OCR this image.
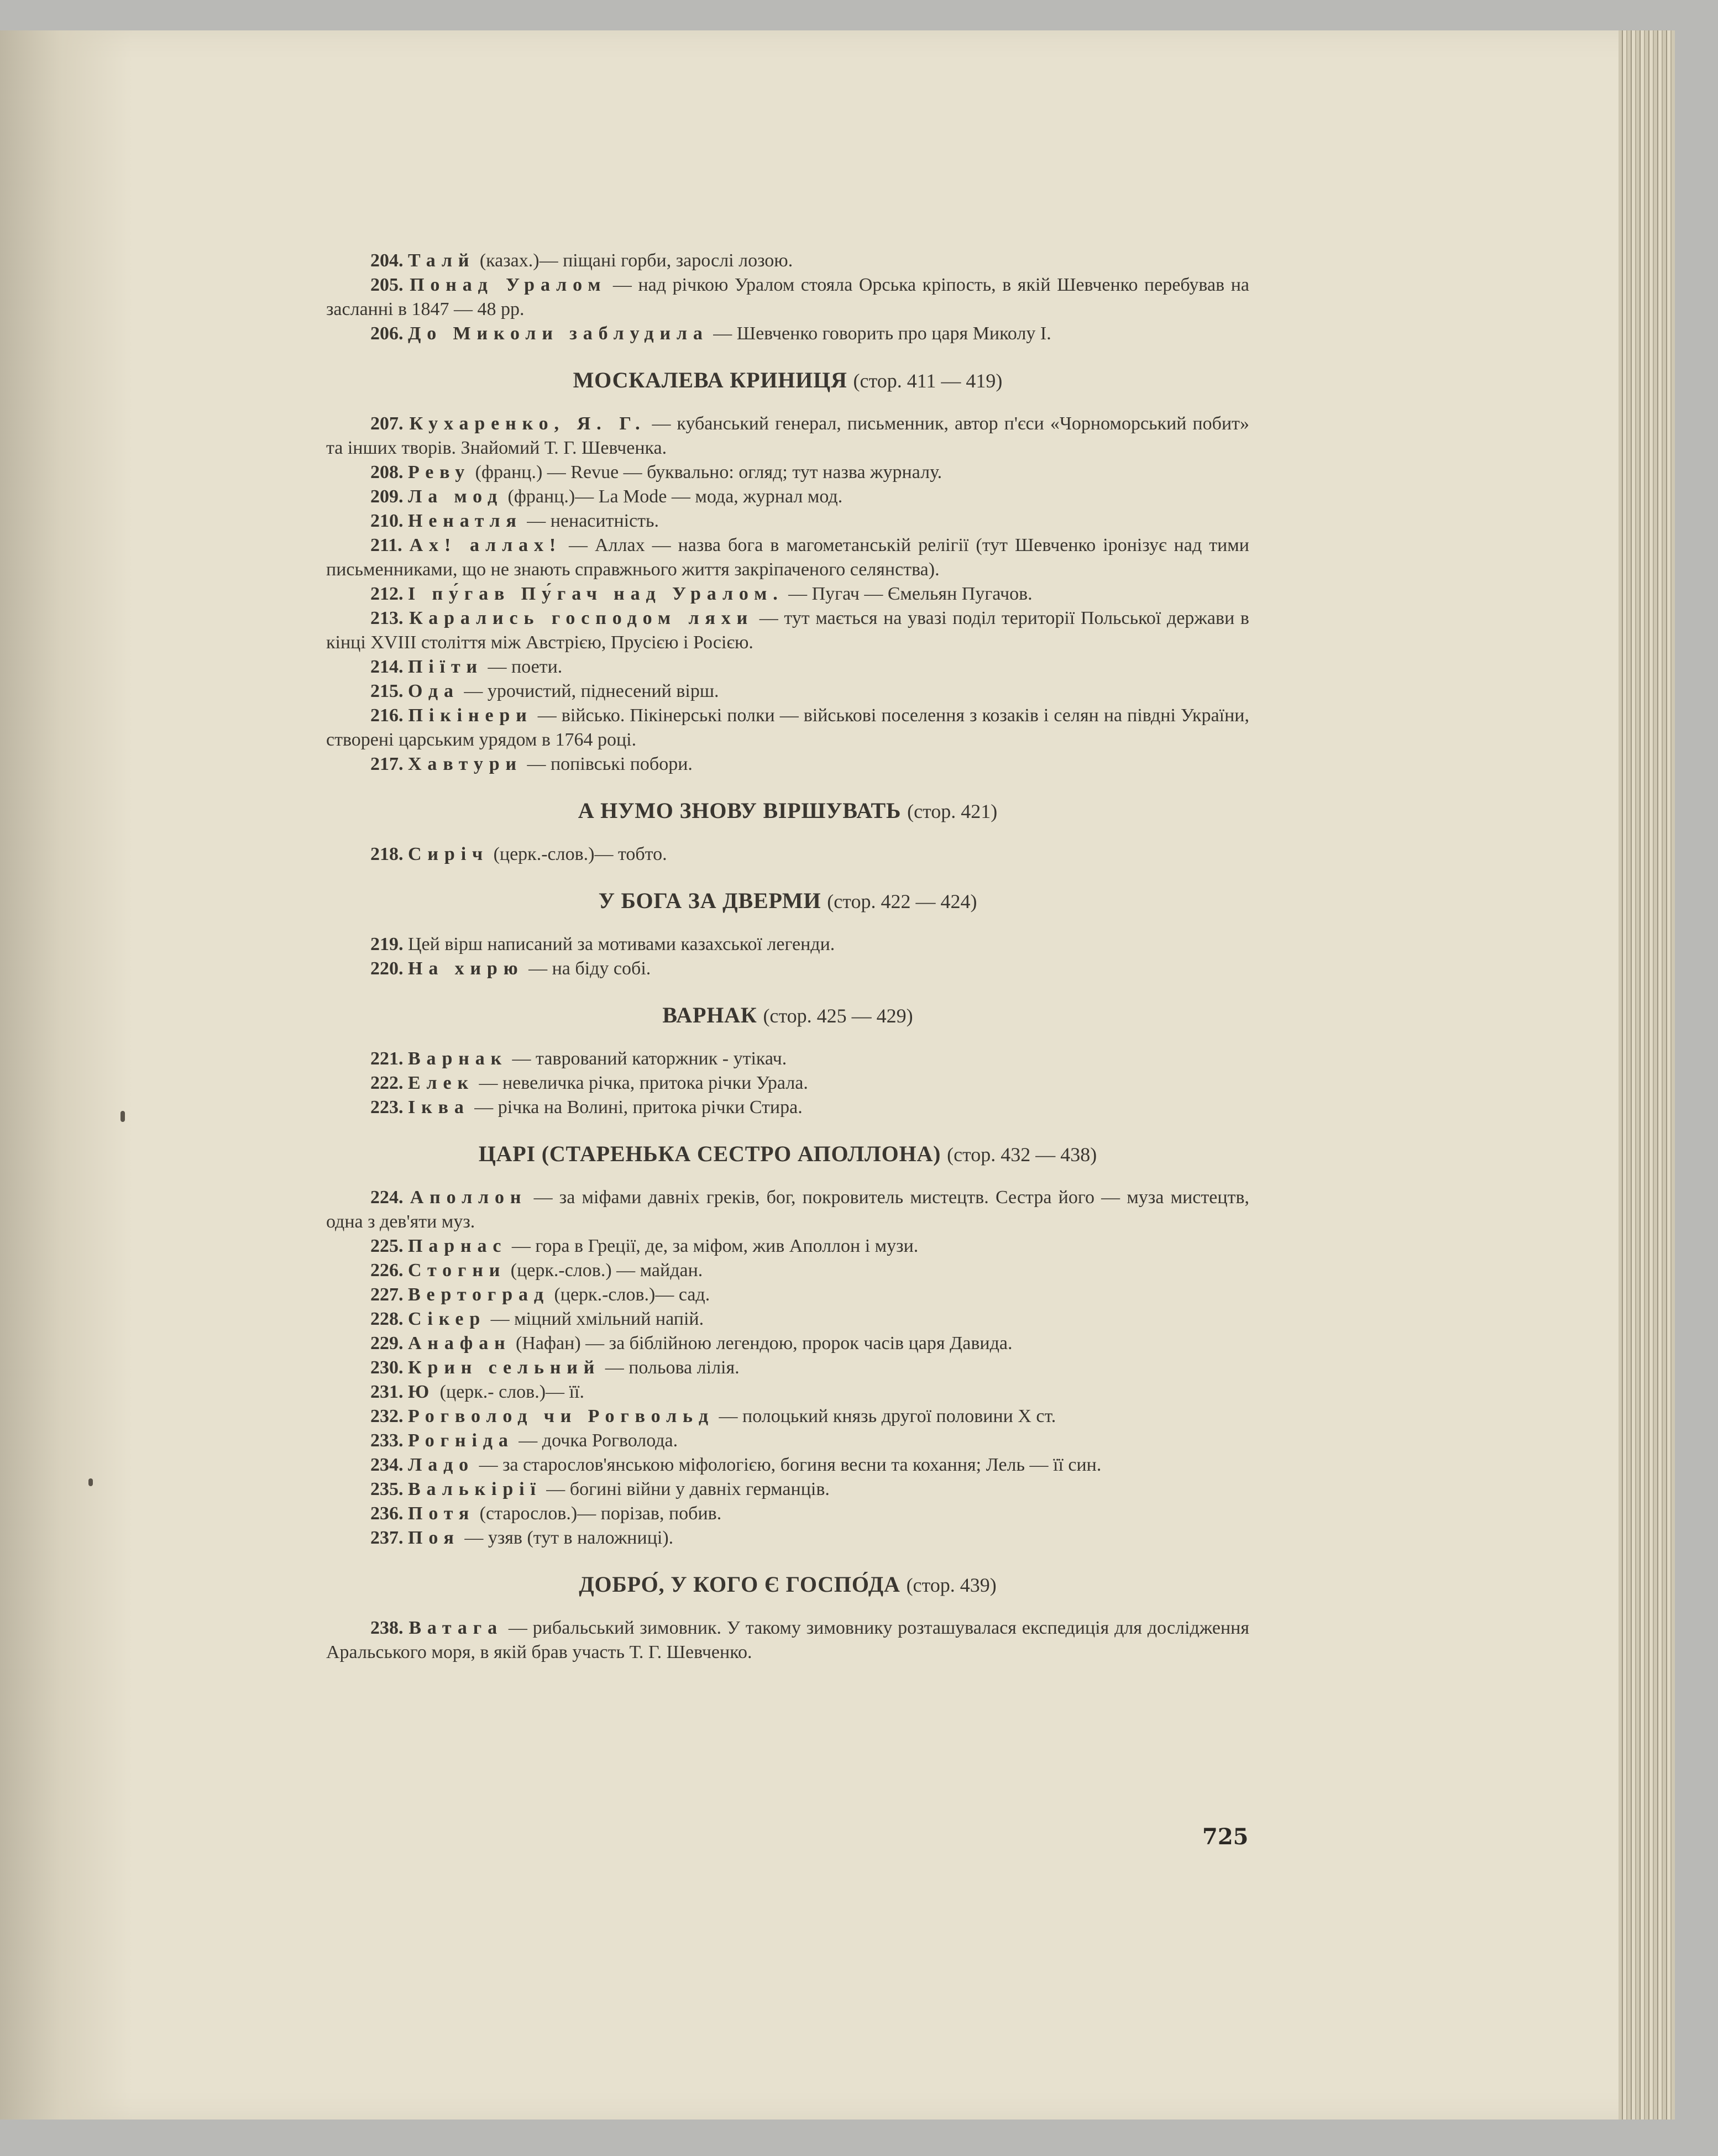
204. Талй (казах.)— піщані горби, зарослі лозою.

205. Понад Уралом — над річкою Уралом стояла Орська кріпость, в якій Шевченко перебував на засланні в 1847 — 48 рр.

206. До Миколи заблудила — Шевченко говорить про царя Миколу I.

МОСКАЛЕВА КРИНИЦЯ (стор. 411 — 419)

207. Кухаренко, Я. Г. — кубанський генерал, письменник, автор п'єси «Чорноморський побит» та інших творів. Знайомий Т. Г. Шевченка.

208. Реву (франц.) — Revue — буквально: огляд; тут назва журналу.

209. Ла мод (франц.)— La Mode — мода, журнал мод.

210. Ненатля — ненаситність.

211. Ах! аллах! — Аллах — назва бога в магометанській релігії (тут Шевченко іронізує над тими письменниками, що не знають справжнього життя закріпаченого селянства).

212. І пу́гав Пу́гач над Уралом. — Пугач — Ємельян Пугачов.

213. Карались господом ляхи — тут мається на увазі поділ території Польської держави в кінці XVIII століття між Австрією, Прусією і Росією.

214. Піїти — поети.

215. Ода — урочистий, піднесений вірш.

216. Пікінери — військо. Пікінерські полки — військові поселення з козаків і селян на півдні України, створені царським урядом в 1764 році.

217. Хавтури — попівські побори.

А НУМО ЗНОВУ ВІРШУВАТЬ (стор. 421)

218. Сиріч (церк.-слов.)— тобто.

У БОГА ЗА ДВЕРМИ (стор. 422 — 424)

219. Цей вірш написаний за мотивами казахської легенди.

220. На хирю — на біду собі.

ВАРНАК (стор. 425 — 429)

221. Варнак — таврований каторжник - утікач.

222. Елек — невеличка річка, притока річки Урала.

223. Іква — річка на Волині, притока річки Стира.

ЦАРІ (СТАРЕНЬКА СЕСТРО АПОЛЛОНА) (стор. 432 — 438)

224. Аполлон — за міфами давніх греків, бог, покровитель мистецтв. Сестра його — муза мистецтв, одна з дев'яти муз.

225. Парнас — гора в Греції, де, за міфом, жив Аполлон і музи.

226. Стогни (церк.-слов.) — майдан.

227. Вертоград (церк.-слов.)— сад.

228. Сікер — міцний хмільний напій.

229. Анафан (Нафан) — за біблійною легендою, пророк часів царя Давида.

230. Крин сельний — польова лілія.

231. Ю (церк.- слов.)— її.

232. Рогволод чи Рогвольд — полоцький князь другої половини X ст.

233. Рогніда — дочка Рогволода.

234. Ладо — за старослов'янською міфологією, богиня весни та кохання; Лель — її син.

235. Валькірії — богині війни у давніх германців.

236. Потя (старослов.)— порізав, побив.

237. Поя — узяв (тут в наложниці).

ДОБРО́, У КОГО Є ГОСПО́ДА (стор. 439)

238. Ватага — рибальський зимовник. У такому зимовнику розташувалася експедиція для дослідження Аральського моря, в якій брав участь Т. Г. Шевченко.

725
